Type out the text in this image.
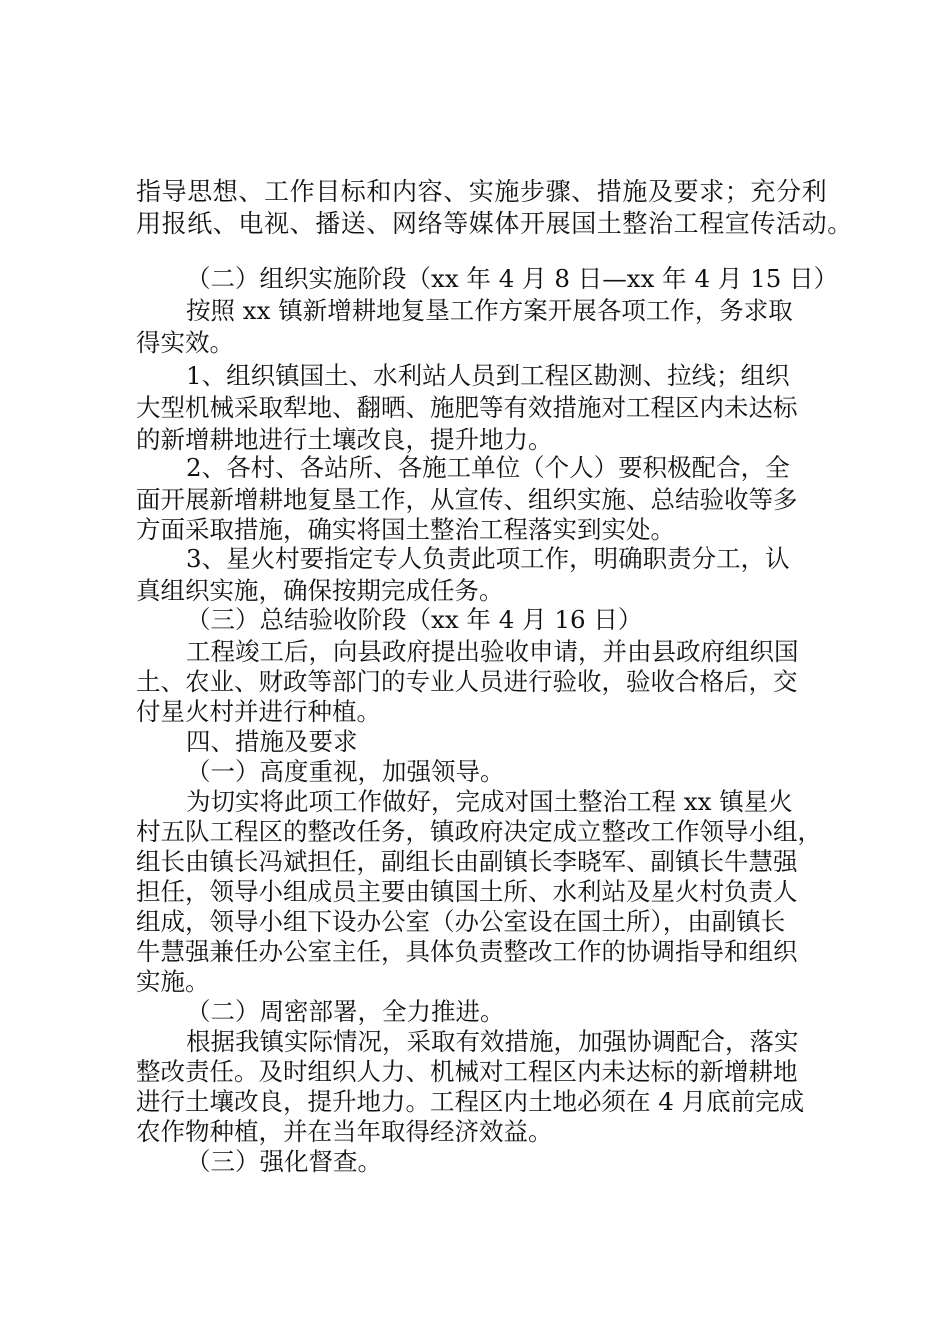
指导思想、工作目标和内容、实施步骤、措施及要求；充分利
用报纸、电视、播送、网络等媒体开展国土整治工程宣传活动。
（二）组织实施阶段（xx 年 4 月 8 日—xx 年 4 月 15 日）
按照 xx 镇新增耕地复垦工作方案开展各项工作，务求取
得实效。
1、组织镇国土、水利站人员到工程区勘测、拉线；组织
大型机械采取犁地、翻晒、施肥等有效措施对工程区内未达标
的新增耕地进行土壤改良，提升地力。
2、各村、各站所、各施工单位（个人）要积极配合，全
面开展新增耕地复垦工作，从宣传、组织实施、总结验收等多
方面采取措施，确实将国土整治工程落实到实处。
3、星火村要指定专人负责此项工作，明确职责分工，认
真组织实施，确保按期完成任务。
（三）总结验收阶段（xx 年 4 月 16 日）
工程竣工后，向县政府提出验收申请，并由县政府组织国
土、农业、财政等部门的专业人员进行验收，验收合格后，交
付星火村并进行种植。
四、措施及要求
（一）高度重视，加强领导。
为切实将此项工作做好，完成对国土整治工程 xx 镇星火
村五队工程区的整改任务，镇政府决定成立整改工作领导小组，
组长由镇长冯斌担任，副组长由副镇长李晓军、副镇长牛慧强
担任，领导小组成员主要由镇国土所、水利站及星火村负责人
组成，领导小组下设办公室（办公室设在国土所），由副镇长
牛慧强兼任办公室主任，具体负责整改工作的协调指导和组织
实施。
（二）周密部署，全力推进。
根据我镇实际情况，采取有效措施，加强协调配合，落实
整改责任。及时组织人力、机械对工程区内未达标的新增耕地
进行土壤改良，提升地力。工程区内土地必须在 4 月底前完成
农作物种植，并在当年取得经济效益。
（三）强化督查。
